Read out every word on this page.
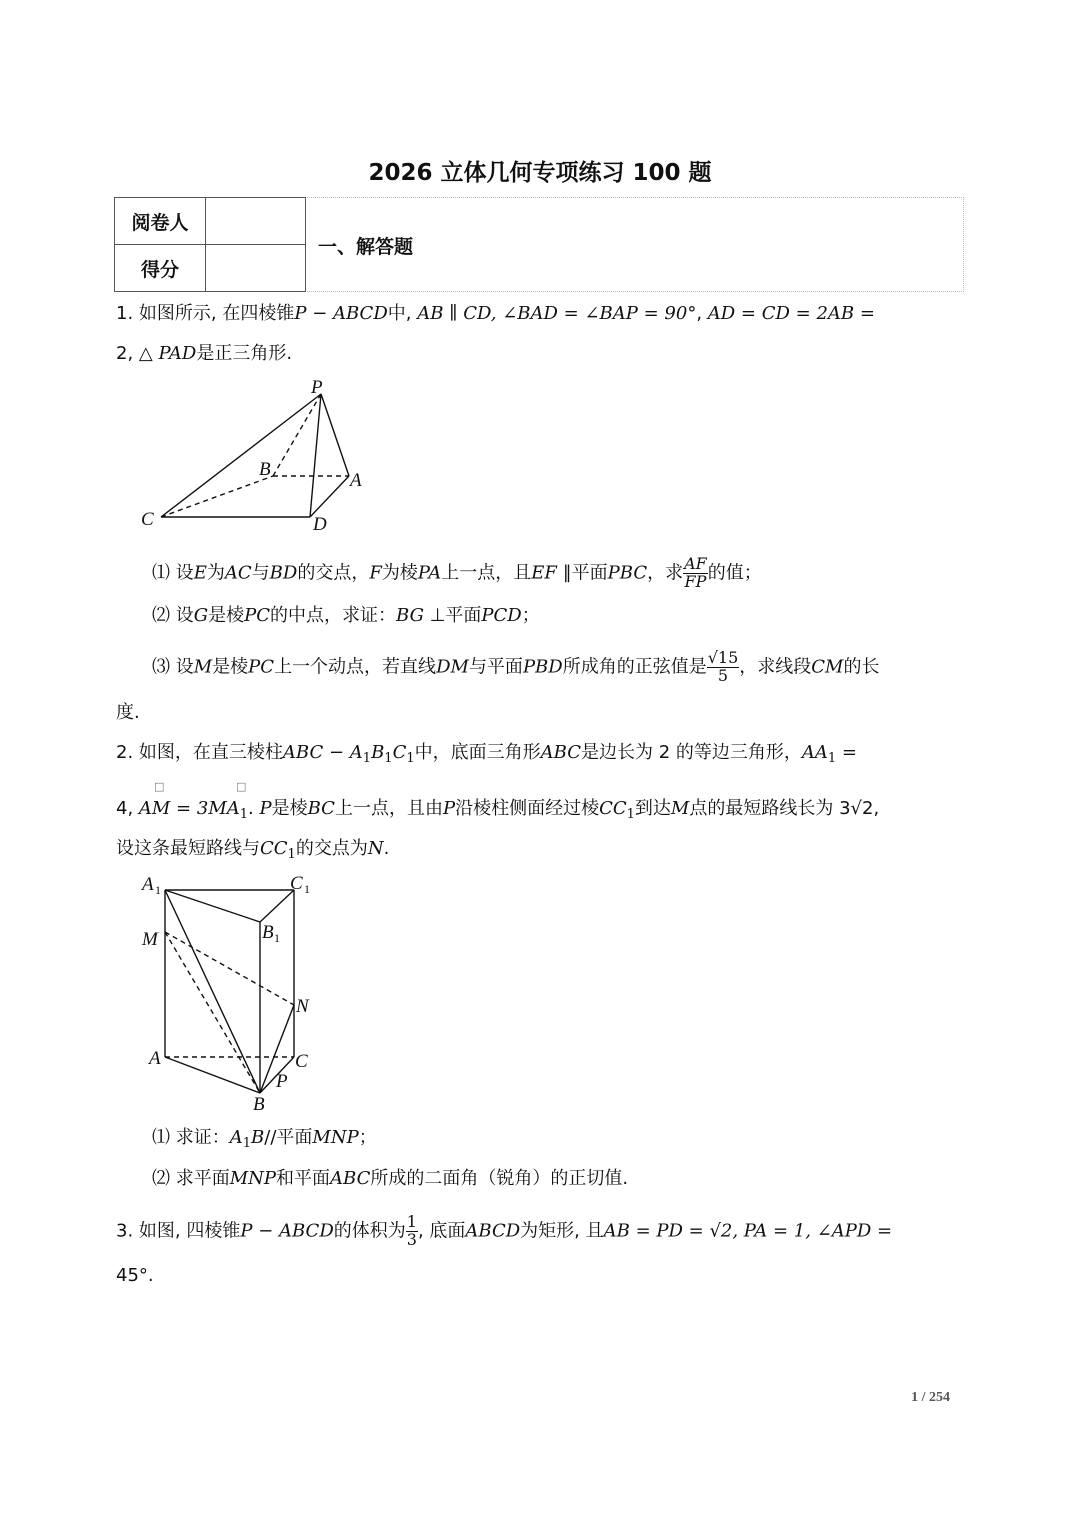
2026 立体几何专项练习 100 题
阅卷人
得分
一、解答题
1. 如图所示, 在四棱锥P − ABCD中, AB ∥ CD, ∠BAD = ∠BAP = 90°, AD = CD = 2AB =
2, △ PAD是正三角形.
P
B
A
C	D
⑴ 设E为AC与BD的交点，F为棱PA上一点，且EF ∥平面PBC，求 $\frac{AF}{FP}$ 的值；
⑵ 设G是棱PC的中点，求证：BG ⊥平面PCD；
⑶ 设M是棱PC上一个动点，若直线DM与平面PBD所成角的正弦值是 $\frac{√15}{5}$ ，求线段CM的长
度.
2. 如图，在直三棱柱ABC − $A_1B_1C_1$中，底面三角形ABC是边长为 2 的等边三角形，$AA_1$ =
□	□
4, AM = $3MA_1$. P是棱BC上一点，且由P沿棱柱侧面经过棱$CC_1$到达M点的最短路线长为 3√2,
设这条最短路线与$CC_1$的交点为N.
A 1	C 1
B 1
M
N
A	C
P
B
⑴ 求证：$A_1B//$平面MNP；
⑵ 求平面MNP和平面ABC所成的二面角（锐角）的正切值.
3. 如图, 四棱锥P − ABCD的体积为 $\frac{1}{3}$ , 底面ABCD为矩形, 且AB = PD = √2, PA = 1, ∠APD =
45°.
1 / 254
